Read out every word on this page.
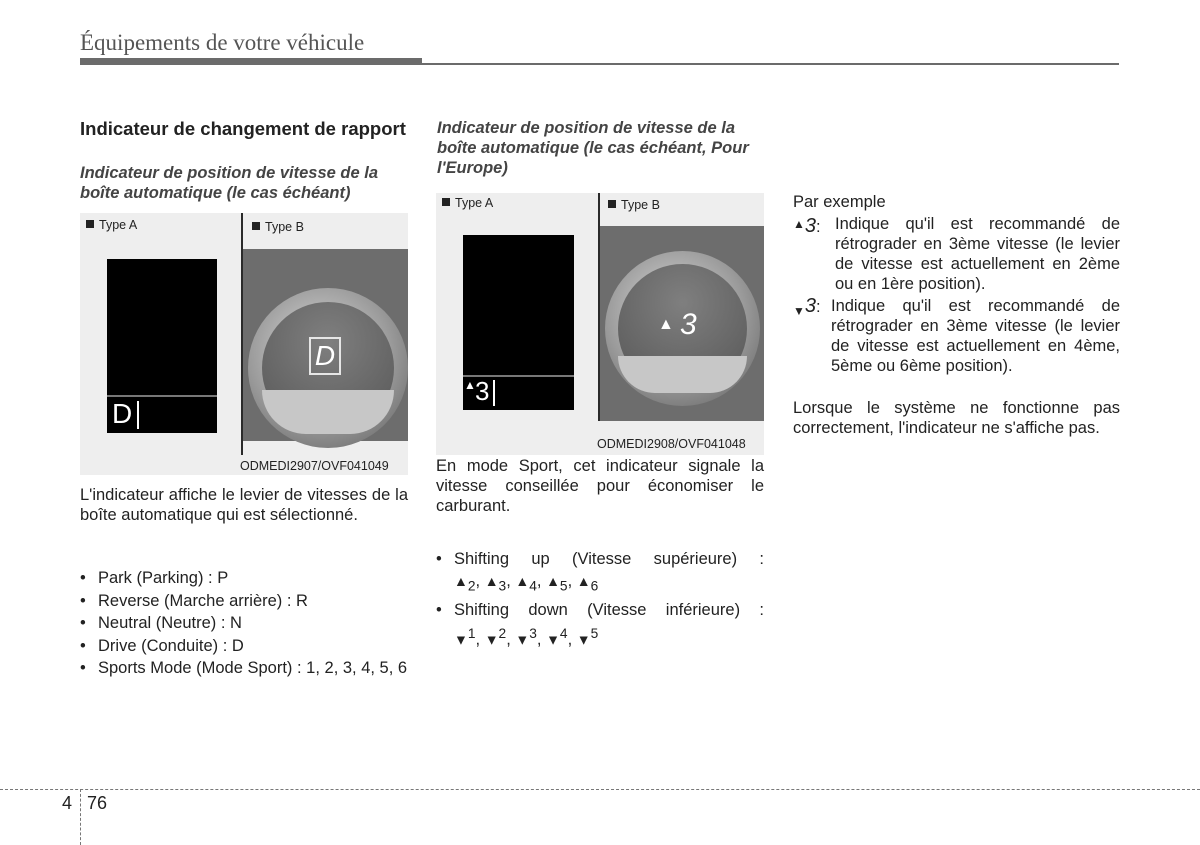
Équipements de votre véhicule
Indicateur de changement de rapport
Indicateur de position de vitesse de la boîte automatique (le cas échéant)
Type A
D
Type B
D
ODMEDI2907/OVF041049
L'indicateur affiche le levier de vitesses de la boîte automatique qui est sélectionné.
• Park (Parking) : P
• Reverse (Marche arrière) : R
• Neutral (Neutre) : N
• Drive (Conduite) : D
• Sports Mode (Mode Sport) : 1, 2, 3, 4, 5, 6
Indicateur de position de vitesse de la boîte automatique (le cas échéant, Pour l'Europe)
Type A
▲ 3
Type B
▲ 3
ODMEDI2908/OVF041048
En mode Sport, cet indicateur signale la vitesse conseillée pour économiser le carburant.
• Shifting up (Vitesse supérieure) :
$▲_2$, $▲_3$, $▲_4$, $▲_5$, $▲_6$
• Shifting down (Vitesse inférieure) :
▼$^1$, ▼$^2$, ▼$^3$, ▼$^4$, ▼$^5$
Par exemple
▲3: Indique qu'il est recommandé de rétrograder en 3ème vitesse (le levier de vitesse est actuellement en 2ème ou en 1ère position).
▼3: Indique qu'il est recommandé de rétrograder en 3ème vitesse (le levier de vitesse est actuellement en 4ème, 5ème ou 6ème position).
Lorsque le système ne fonctionne pas correctement, l'indicateur ne s'affiche pas.
4 76
